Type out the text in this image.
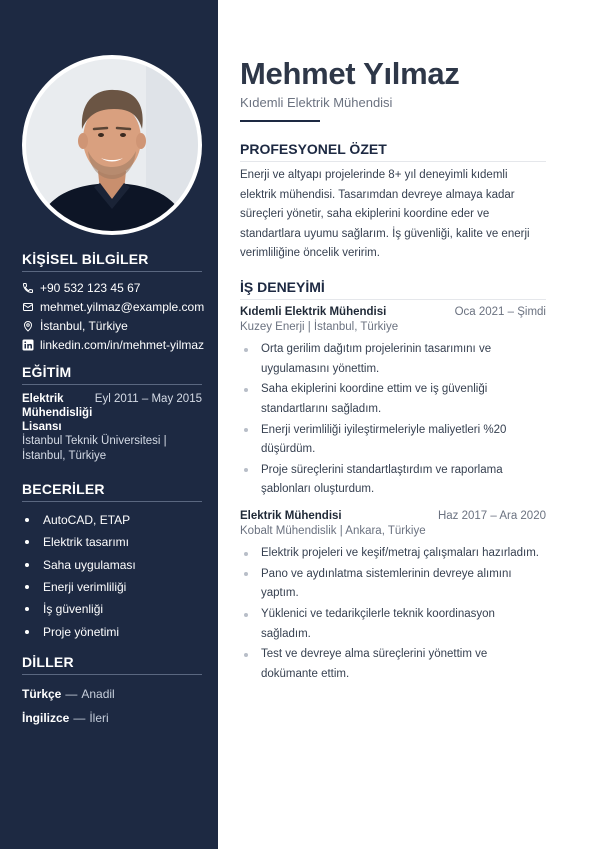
KİŞİSEL BİLGİLER
+90 532 123 45 67
mehmet.yilmaz@example.com
İstanbul, Türkiye
linkedin.com/in/mehmet-yilmaz
EĞİTİM
Elektrik Mühendisliği Lisansı
Eyl 2011 – May 2015
İstanbul Teknik Üniversitesi | İstanbul, Türkiye
BECERİLER
AutoCAD, ETAP
Elektrik tasarımı
Saha uygulaması
Enerji verimliliği
İş güvenliği
Proje yönetimi
DİLLER
Türkçe — Anadil
İngilizce — İleri
Mehmet Yılmaz
Kıdemli Elektrik Mühendisi
PROFESYONEL ÖZET
Enerji ve altyapı projelerinde 8+ yıl deneyimli kıdemli elektrik mühendisi. Tasarımdan devreye almaya kadar süreçleri yönetir, saha ekiplerini koordine eder ve standartlara uyumu sağlarım. İş güvenliği, kalite ve enerji verimliliğine öncelik veririm.
İŞ DENEYİMİ
Kıdemli Elektrik Mühendisi	Oca 2021 – Şimdi
Kuzey Enerji | İstanbul, Türkiye
Orta gerilim dağıtım projelerinin tasarımını ve uygulamasını yönettim.
Saha ekiplerini koordine ettim ve iş güvenliği standartlarını sağladım.
Enerji verimliliği iyileştirmeleriyle maliyetleri %20 düşürdüm.
Proje süreçlerini standartlaştırdım ve raporlama şablonları oluşturdum.
Elektrik Mühendisi	Haz 2017 – Ara 2020
Kobalt Mühendislik | Ankara, Türkiye
Elektrik projeleri ve keşif/metraj çalışmaları hazırladım.
Pano ve aydınlatma sistemlerinin devreye alımını yaptım.
Yüklenici ve tedarikçilerle teknik koordinasyon sağladım.
Test ve devreye alma süreçlerini yönettim ve dokümante ettim.
